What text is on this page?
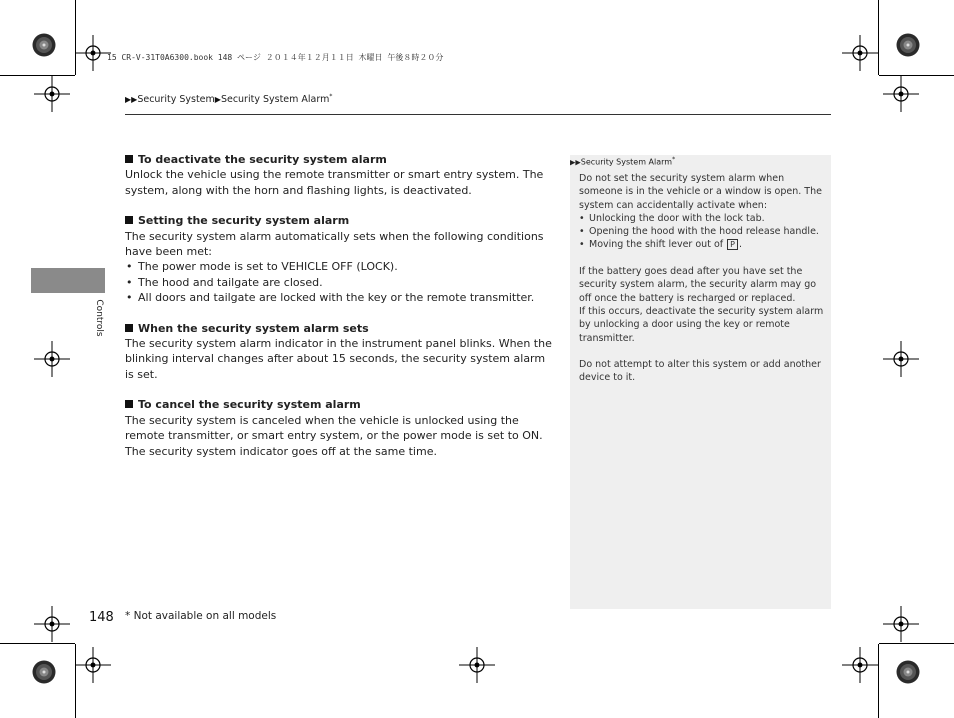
15 CR-V-31T0A6300.book 148 ページ ２０１４年１２月１１日 木曜日 午後８時２０分
▶▶Security System▶Security System Alarm*
Controls
To deactivate the security system alarm

Unlock the vehicle using the remote transmitter or smart entry system. The system, along with the horn and flashing lights, is deactivated.

Setting the security system alarm

The security system alarm automatically sets when the following conditions have been met:

• The power mode is set to VEHICLE OFF (LOCK).
• The hood and tailgate are closed.
• All doors and tailgate are locked with the key or the remote transmitter.
When the security system alarm sets

The security system alarm indicator in the instrument panel blinks. When the blinking interval changes after about 15 seconds, the security system alarm is set.

To cancel the security system alarm

The security system is canceled when the vehicle is unlocked using the remote transmitter, or smart entry system, or the power mode is set to ON. The security system indicator goes off at the same time.

▶▶Security System Alarm*

Do not set the security system alarm when someone is in the vehicle or a window is open. The system can accidentally activate when:

• Unlocking the door with the lock tab.
• Opening the hood with the hood release handle.
• Moving the shift lever out of P .

If the battery goes dead after you have set the security system alarm, the security alarm may go off once the battery is recharged or replaced.

If this occurs, deactivate the security system alarm by unlocking a door using the key or remote transmitter.

Do not attempt to alter this system or add another device to it.

148 * Not available on all models
